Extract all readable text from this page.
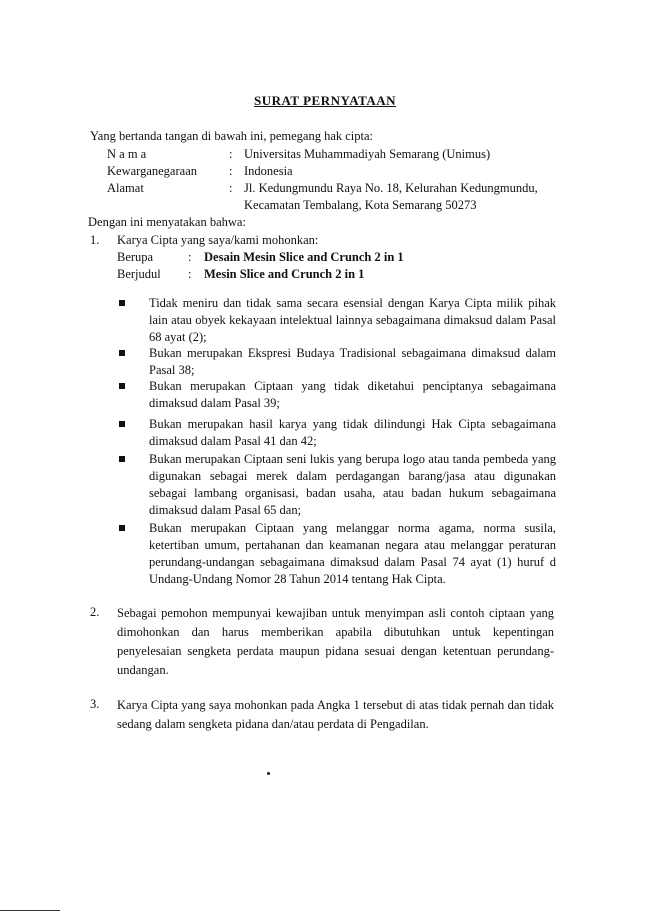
SURAT PERNYATAAN
Yang bertanda tangan di bawah ini, pemegang hak cipta:
N a m a	: Universitas Muhammadiyah Semarang (Unimus)
Kewarganegaraan	: Indonesia
Alamat	: Jl. Kedungmundu Raya No. 18, Kelurahan Kedungmundu, Kecamatan Tembalang, Kota Semarang 50273
Dengan ini menyatakan bahwa:
1. Karya Cipta yang saya/kami mohonkan:
Berupa	: Desain Mesin Slice and Crunch 2 in 1
Berjudul : Mesin Slice and Crunch 2 in 1
Tidak meniru dan tidak sama secara esensial dengan Karya Cipta milik pihak lain atau obyek kekayaan intelektual lainnya sebagaimana dimaksud dalam Pasal 68 ayat (2);
Bukan merupakan Ekspresi Budaya Tradisional sebagaimana dimaksud dalam Pasal 38;
Bukan merupakan Ciptaan yang tidak diketahui penciptanya sebagaimana dimaksud dalam Pasal 39;
Bukan merupakan hasil karya yang tidak dilindungi Hak Cipta sebagaimana dimaksud dalam Pasal 41 dan 42;
Bukan merupakan Ciptaan seni lukis yang berupa logo atau tanda pembeda yang digunakan sebagai merek dalam perdagangan barang/jasa atau digunakan sebagai lambang organisasi, badan usaha, atau badan hukum sebagaimana dimaksud dalam Pasal 65 dan;
Bukan merupakan Ciptaan yang melanggar norma agama, norma susila, ketertiban umum, pertahanan dan keamanan negara atau melanggar peraturan perundang-undangan sebagaimana dimaksud dalam Pasal 74 ayat (1) huruf d Undang-Undang Nomor 28 Tahun 2014 tentang Hak Cipta.
2. Sebagai pemohon mempunyai kewajiban untuk menyimpan asli contoh ciptaan yang dimohonkan dan harus memberikan apabila dibutuhkan untuk kepentingan penyelesaian sengketa perdata maupun pidana sesuai dengan ketentuan perundang-undangan.
3. Karya Cipta yang saya mohonkan pada Angka 1 tersebut di atas tidak pernah dan tidak sedang dalam sengketa pidana dan/atau perdata di Pengadilan.
